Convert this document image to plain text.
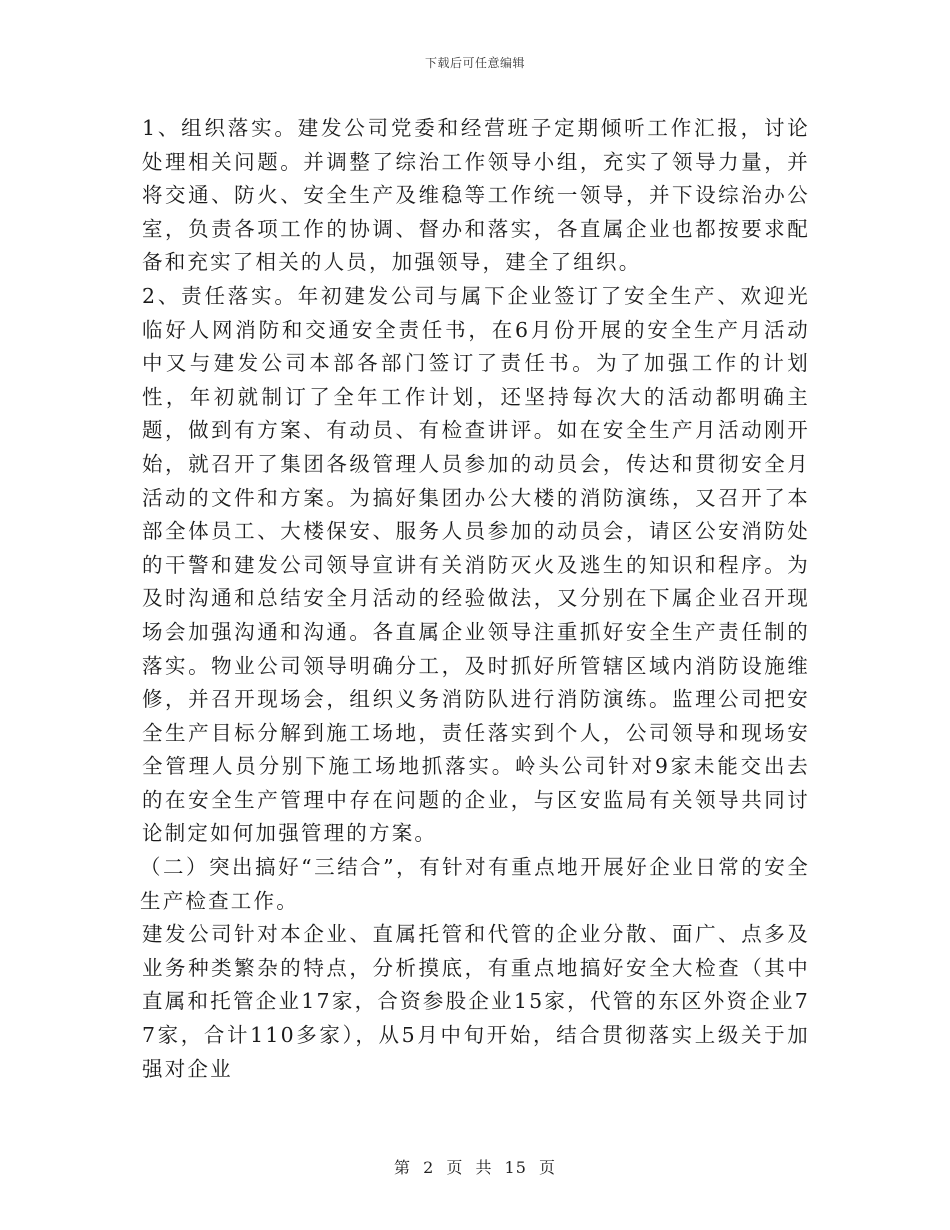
下载后可任意编辑

1、组织落实。建发公司党委和经营班子定期倾听工作汇报，讨论处理相关问题。并调整了综治工作领导小组，充实了领导力量，并将交通、防火、安全生产及维稳等工作统一领导，并下设综治办公室，负责各项工作的协调、督办和落实，各直属企业也都按要求配备和充实了相关的人员，加强领导，建全了组织。

2、责任落实。年初建发公司与属下企业签订了安全生产、欢迎光临好人网消防和交通安全责任书，在6月份开展的安全生产月活动中又与建发公司本部各部门签订了责任书。为了加强工作的计划性，年初就制订了全年工作计划，还坚持每次大的活动都明确主题，做到有方案、有动员、有检查讲评。如在安全生产月活动刚开始，就召开了集团各级管理人员参加的动员会，传达和贯彻安全月活动的文件和方案。为搞好集团办公大楼的消防演练，又召开了本部全体员工、大楼保安、服务人员参加的动员会，请区公安消防处的干警和建发公司领导宣讲有关消防灭火及逃生的知识和程序。为及时沟通和总结安全月活动的经验做法，又分别在下属企业召开现场会加强沟通和沟通。各直属企业领导注重抓好安全生产责任制的落实。物业公司领导明确分工，及时抓好所管辖区域内消防设施维修，并召开现场会，组织义务消防队进行消防演练。监理公司把安全生产目标分解到施工场地，责任落实到个人，公司领导和现场安全管理人员分别下施工场地抓落实。岭头公司针对9家未能交出去的在安全生产管理中存在问题的企业，与区安监局有关领导共同讨论制定如何加强管理的方案。

（二）突出搞好“三结合”，有针对有重点地开展好企业日常的安全生产检查工作。

建发公司针对本企业、直属托管和代管的企业分散、面广、点多及业务种类繁杂的特点，分析摸底，有重点地搞好安全大检查（其中直属和托管企业17家，合资参股企业15家，代管的东区外资企业77家，合计110多家），从5月中旬开始，结合贯彻落实上级关于加强对企业

第 2 页 共 15 页
